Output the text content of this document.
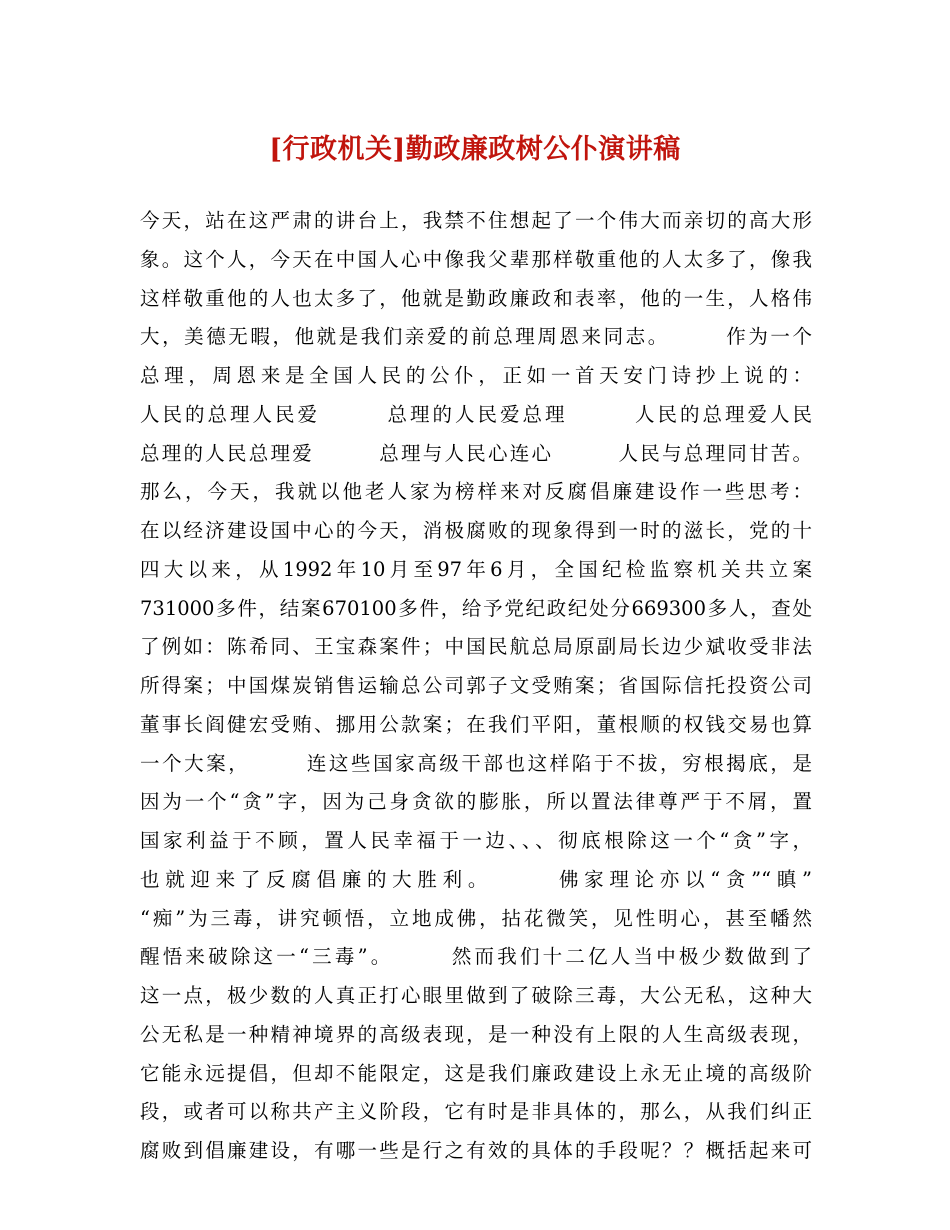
[行政机关]勤政廉政树公仆演讲稿
今天，站在这严肃的讲台上，我禁不住想起了一个伟大而亲切的高大形
象。这个人，今天在中国人心中像我父辈那样敬重他的人太多了，像我
这样敬重他的人也太多了，他就是勤政廉政和表率，他的一生，人格伟
大，美德无暇，他就是我们亲爱的前总理周恩来同志。　　　作为一个
总理，周恩来是全国人民的公仆，正如一首天安门诗抄上说的：
人民的总理人民爱　　　总理的人民爱总理　　　人民的总理爱人民
总理的人民总理爱　　　总理与人民心连心　　　人民与总理同甘苦。
那么，今天，我就以他老人家为榜样来对反腐倡廉建设作一些思考：
在以经济建设国中心的今天，消极腐败的现象得到一时的滋长，党的十
四大以来，从1992年10月至97年6月，全国纪检监察机关共立案
731000多件，结案670100多件，给予党纪政纪处分669300多人，查处
了例如：陈希同、王宝森案件；中国民航总局原副局长边少斌收受非法
所得案；中国煤炭销售运输总公司郭子文受贿案；省国际信托投资公司
董事长阎健宏受贿、挪用公款案；在我们平阳，董根顺的权钱交易也算
一个大案，　　　连这些国家高级干部也这样陷于不拔，穷根揭底，是
因为一个“贪”字，因为己身贪欲的膨胀，所以置法律尊严于不屑，置
国家利益于不顾，置人民幸福于一边、、、彻底根除这一个“贪”字，
也就迎来了反腐倡廉的大胜利。　　　佛家理论亦以“贪”“瞋”
“痴”为三毒，讲究顿悟，立地成佛，拈花微笑，见性明心，甚至幡然
醒悟来破除这一“三毒”。　　　然而我们十二亿人当中极少数做到了
这一点，极少数的人真正打心眼里做到了破除三毒，大公无私，这种大
公无私是一种精神境界的高级表现，是一种没有上限的人生高级表现，
它能永远提倡，但却不能限定，这是我们廉政建设上永无止境的高级阶
段，或者可以称共产主义阶段，它有时是非具体的，那么，从我们纠正
腐败到倡廉建设，有哪一些是行之有效的具体的手段呢？？概括起来可
